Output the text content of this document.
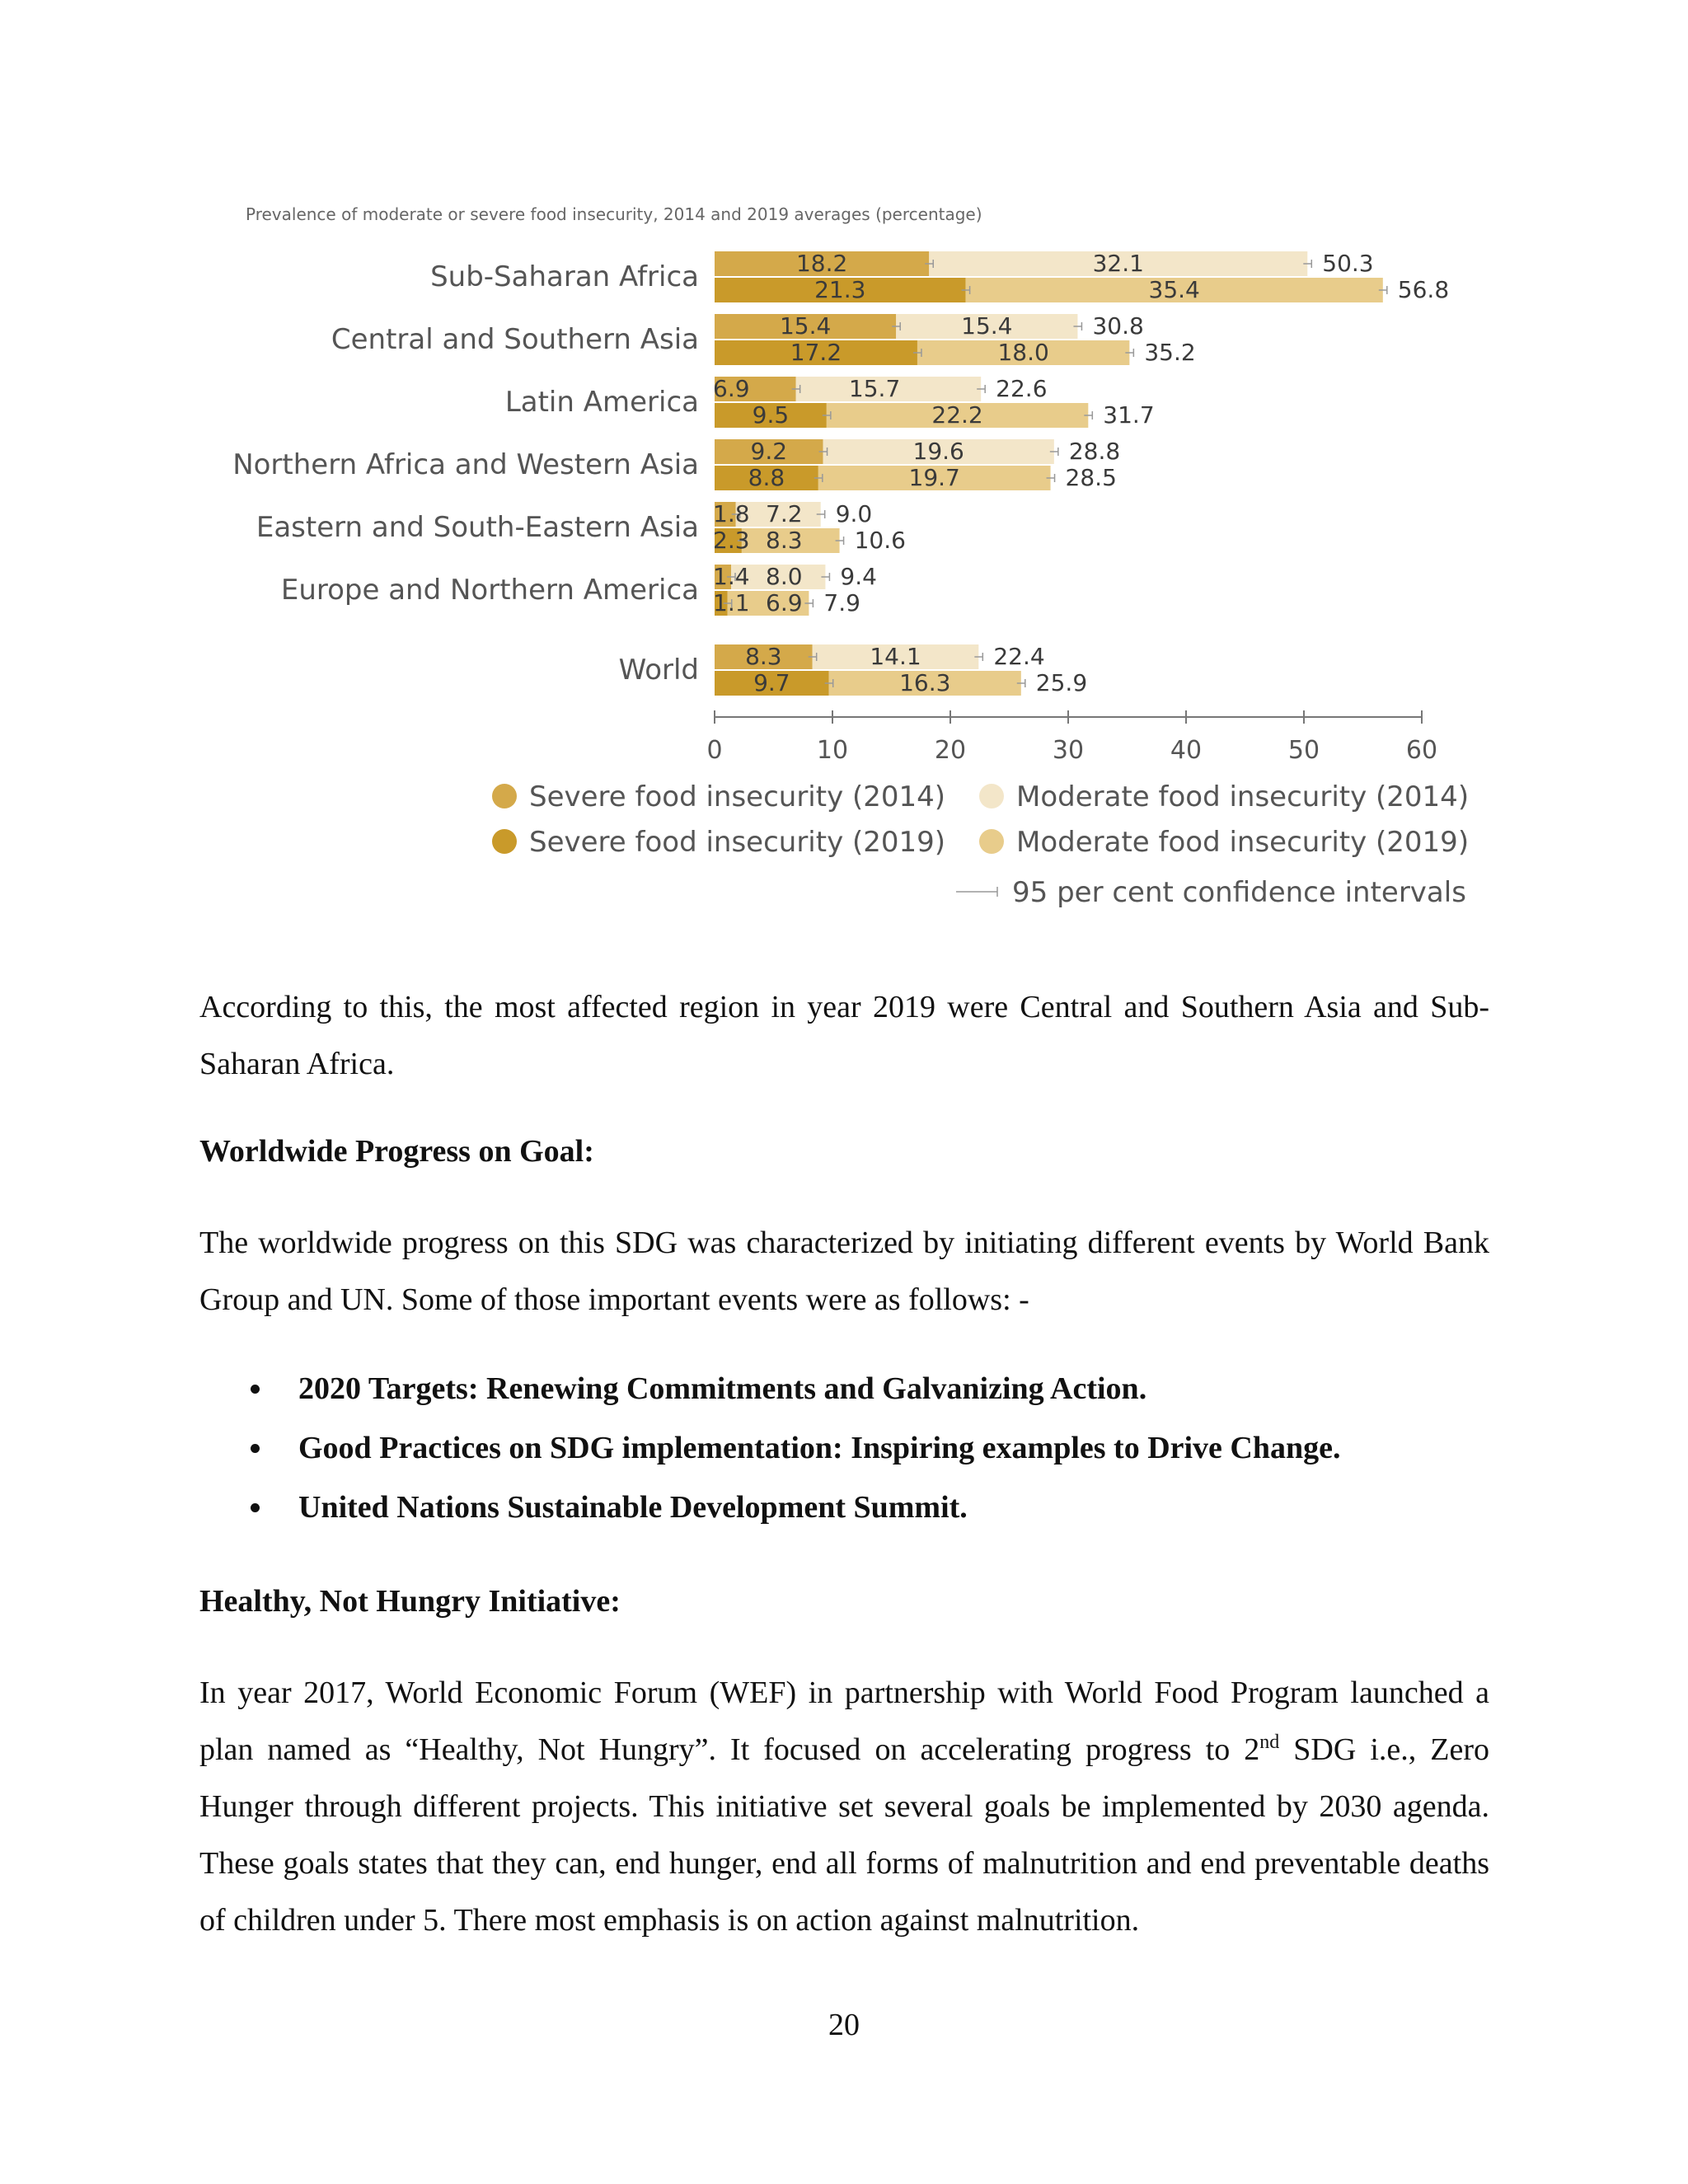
Prevalence of moderate or severe food insecurity, 2014 and 2019 averages (percentage)
Sub-Saharan Africa	18.2	32.1	50.3
21.3	35.4	56.8
Central and Southern Asia	15.4	15.4	30.8
17.2	18.0	35.2
Latin America 6.9	15.7	22.6
9.5	22.2	31.7
Northern Africa and Western Asia 9.2	19.6	28.8
8.8	19.7	28.5
Eastern and South-Eastern Asia 1.8 7.2 9.0
2.3 8.3 10.6
Europe and Northern America 1.4 8.0 9.4
1.1 6.9 7.9
World 8.3	14.1	22.4
9.7	16.3	25.9
0	10	20	30	40	50	60
Severe food insecurity (2014)	Moderate food insecurity (2014)
Severe food insecurity (2019)	Moderate food insecurity (2019)
95 per cent confidence intervals

According to this, the most affected region in year 2019 were Central and Southern Asia and Sub-Saharan Africa.

Worldwide Progress on Goal:

The worldwide progress on this SDG was characterized by initiating different events by World Bank Group and UN. Some of those important events were as follows: -

2020 Targets: Renewing Commitments and Galvanizing Action.
Good Practices on SDG implementation: Inspiring examples to Drive Change.
United Nations Sustainable Development Summit.

Healthy, Not Hungry Initiative:

In year 2017, World Economic Forum (WEF) in partnership with World Food Program launched a plan named as “Healthy, Not Hungry”. It focused on accelerating progress to 2nd SDG i.e., Zero Hunger through different projects. This initiative set several goals be implemented by 2030 agenda. These goals states that they can, end hunger, end all forms of malnutrition and end preventable deaths of children under 5. There most emphasis is on action against malnutrition.

20
